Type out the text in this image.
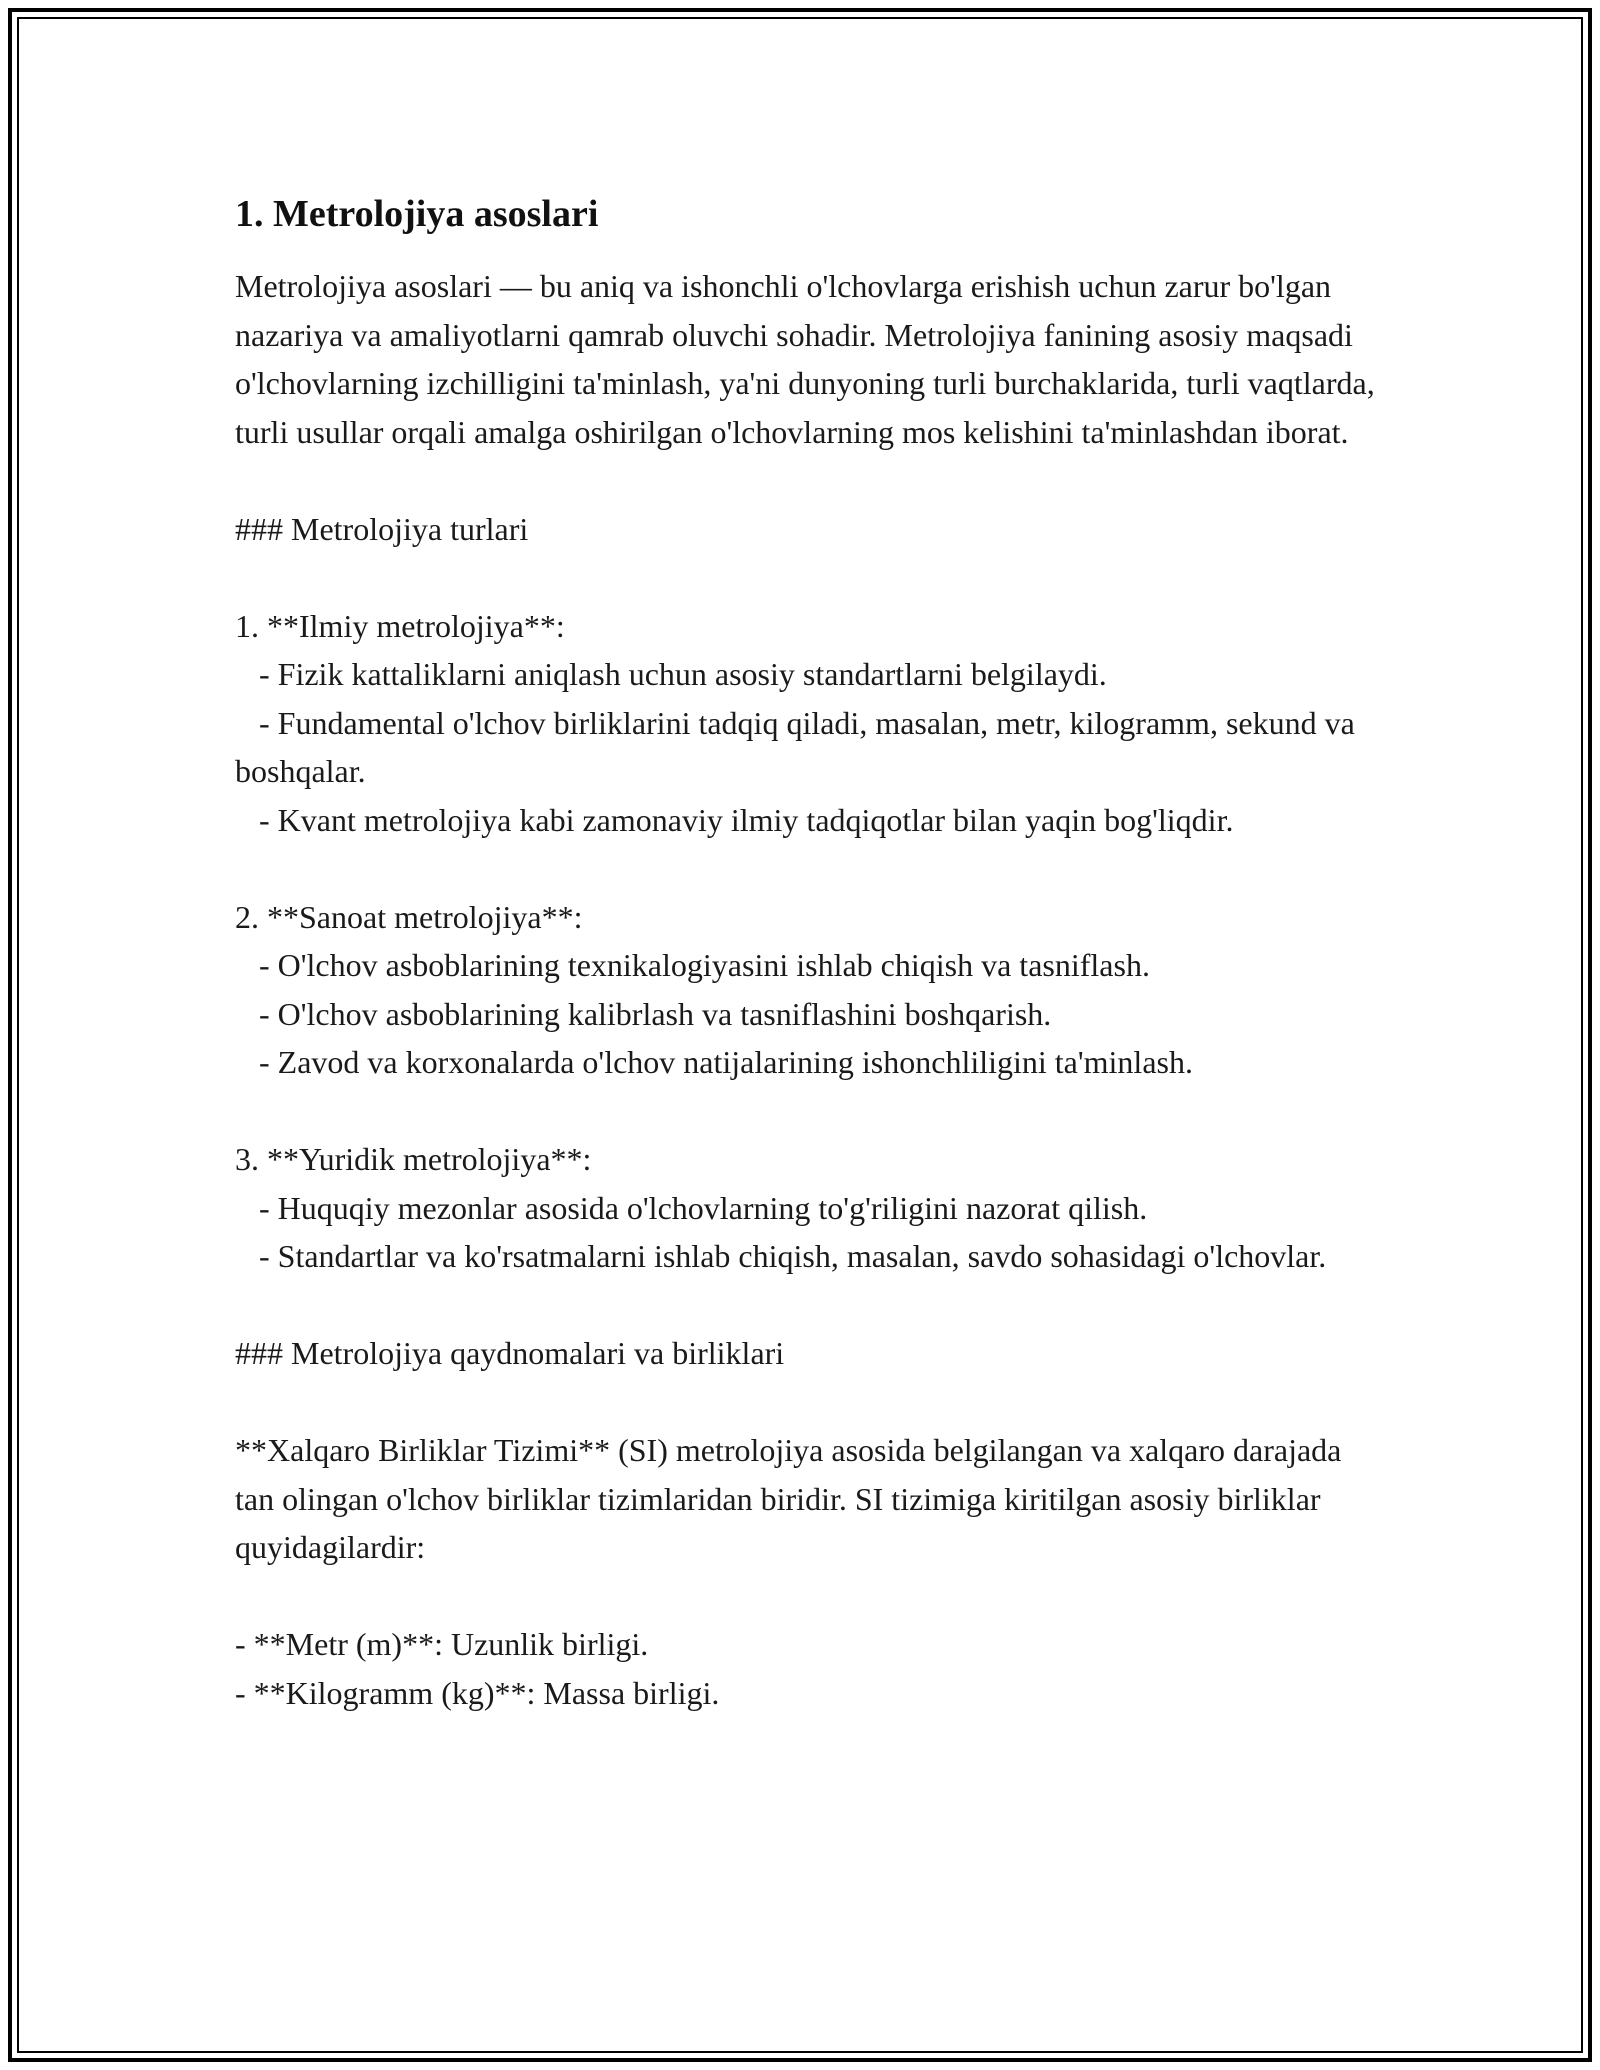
1. Metrolojiya asoslari

Metrolojiya asoslari — bu aniq va ishonchli o'lchovlarga erishish uchun zarur bo'lgan nazariya va amaliyotlarni qamrab oluvchi sohadir. Metrolojiya fanining asosiy maqsadi o'lchovlarning izchilligini ta'minlash, ya'ni dunyoning turli burchaklarida, turli vaqtlarda, turli usullar orqali amalga oshirilgan o'lchovlarning mos kelishini ta'minlashdan iborat.

### Metrolojiya turlari

1. **Ilmiy metrolojiya**:

- Fizik kattaliklarni aniqlash uchun asosiy standartlarni belgilaydi.

- Fundamental o'lchov birliklarini tadqiq qiladi, masalan, metr, kilogramm, sekund va boshqalar.

- Kvant metrolojiya kabi zamonaviy ilmiy tadqiqotlar bilan yaqin bog'liqdir.

2. **Sanoat metrolojiya**:

- O'lchov asboblarining texnikalogiyasini ishlab chiqish va tasniflash.

- O'lchov asboblarining kalibrlash va tasniflashini boshqarish.

- Zavod va korxonalarda o'lchov natijalarining ishonchliligini ta'minlash.

3. **Yuridik metrolojiya**:

- Huquqiy mezonlar asosida o'lchovlarning to'g'riligini nazorat qilish.

- Standartlar va ko'rsatmalarni ishlab chiqish, masalan, savdo sohasidagi o'lchovlar.

### Metrolojiya qaydnomalari va birliklari

**Xalqaro Birliklar Tizimi** (SI) metrolojiya asosida belgilangan va xalqaro darajada tan olingan o'lchov birliklar tizimlaridan biridir. SI tizimiga kiritilgan asosiy birliklar quyidagilardir:

- **Metr (m)**: Uzunlik birligi.

- **Kilogramm (kg)**: Massa birligi.
